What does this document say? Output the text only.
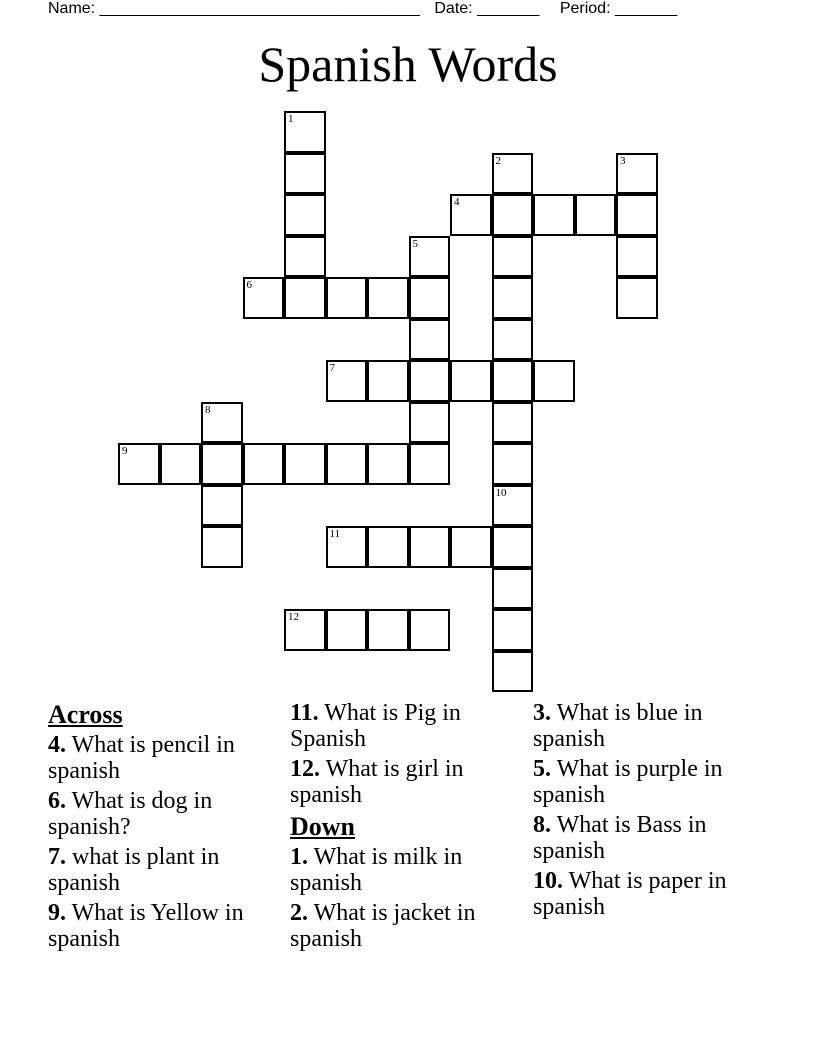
Name: ____________________________________ Date: _______ Period: _______
Spanish Words
1
2	3
4
5
6
7
8
9
10
11
12
Across
4. What is pencil in spanish
6. What is dog in spanish?
7. what is plant in spanish
9. What is Yellow in spanish
11. What is Pig in Spanish
12. What is girl in spanish
Down
1. What is milk in spanish
2. What is jacket in spanish
3. What is blue in spanish
5. What is purple in spanish
8. What is Bass in spanish
10. What is paper in spanish
